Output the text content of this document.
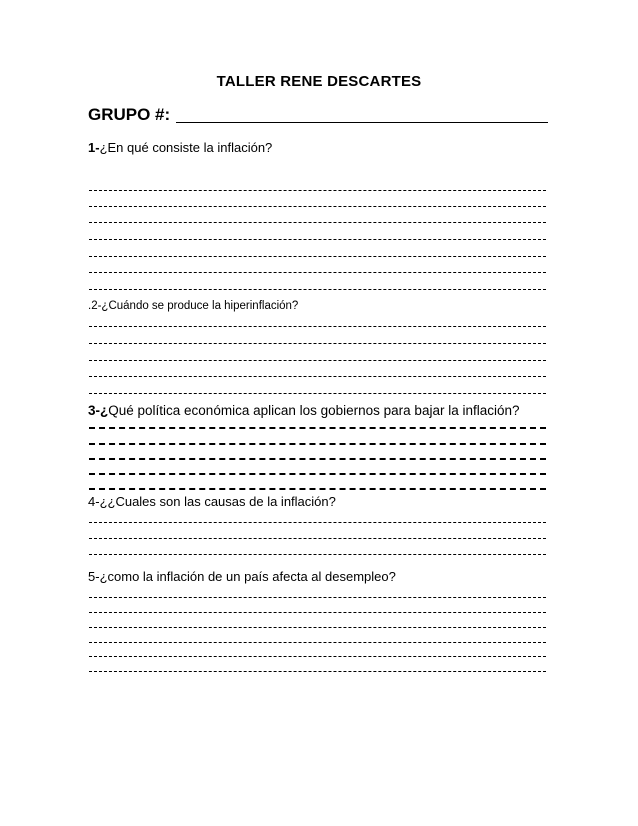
TALLER RENE DESCARTES
GRUPO #:
1-¿En qué consiste la inflación?
.2-¿Cuándo se produce la hiperinflación?
3-¿Qué política económica aplican los gobiernos para bajar la inflación?
4-¿¿Cuales son las causas de la inflación?
5-¿como la inflación de un país afecta al desempleo?
